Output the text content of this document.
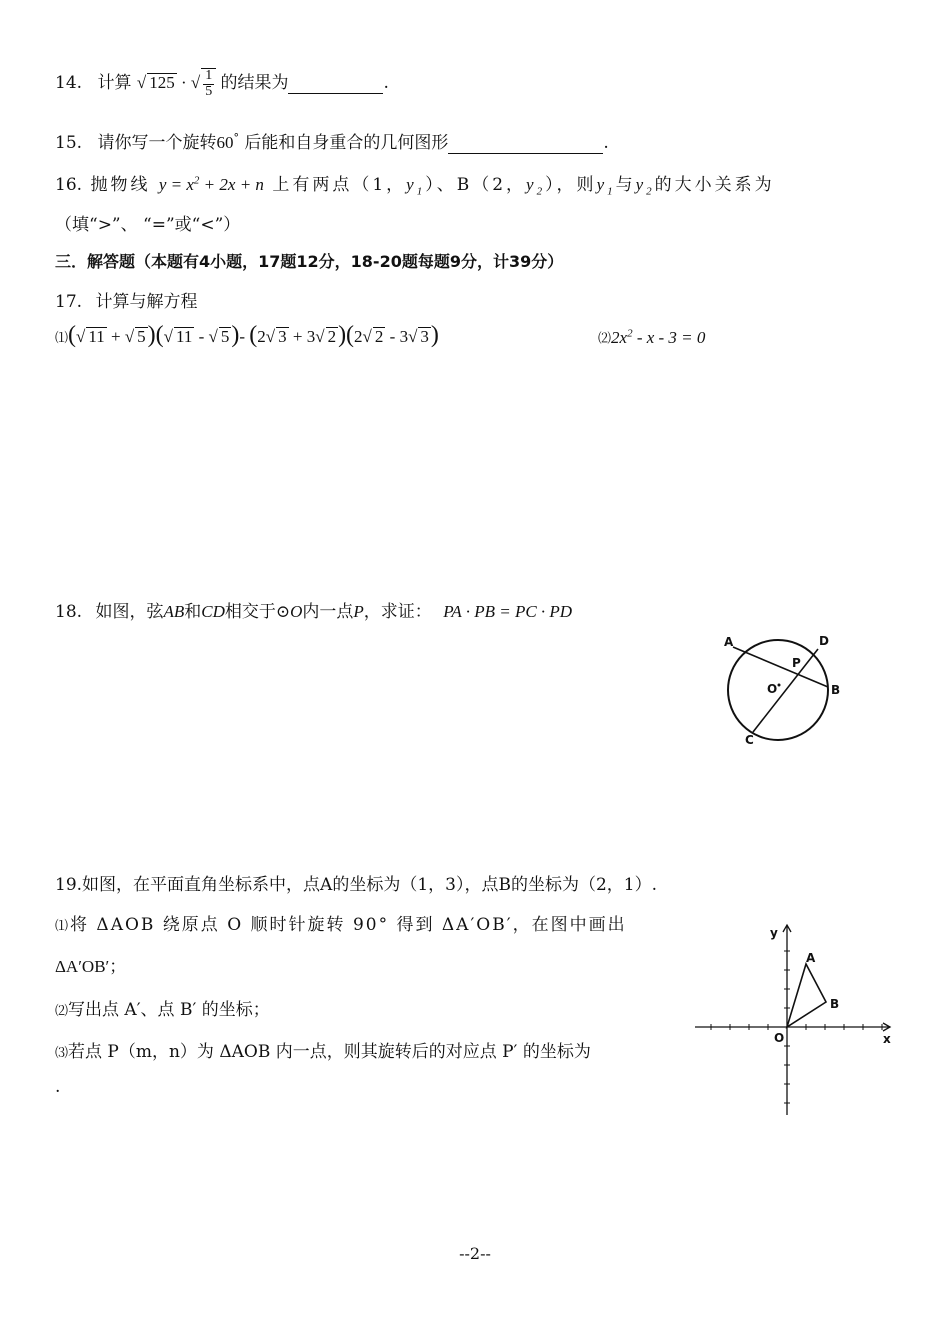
14. 计算 √ 125 · √ $\frac{1}{5}$ 的结果为	.
15. 请你写一个旋转60° 后能和自身重合的几何图形	.
16. 抛物线 $y = x^2 + 2x + n$ 上有两点（1，$y_1$）、B（2，$y_2$），则$y_1$与$y_2$的大小关系为
（填“>”、 “=”或“<”）
三．解答题（本题有4小题，17题12分，18-20题每题9分，计39分）
17. 计算与解方程
⑴(√ 11 + √ 5)(√ 11 - √ 5)- (2√ 3 + 3√ 2)(2√ 2 - 3√ 3)	$⑵2x^2 - x - 3 = 0$
18. 如图，弦AB和CD相交于⊙O内一点P，求证： PA · PB = PC · PD
A	D
P
O	B
C
19.如图，在平面直角坐标系中，点A的坐标为（1，3），点B的坐标为（2，1）.
⑴将 ΔAOB 绕原点 O 顺时针旋转 90° 得到 ΔA′OB′，在图中画出
ΔA′OB′；
⑵写出点 A′、点 B′ 的坐标；
⑶若点 P（m，n）为 ΔAOB 内一点，则其旋转后的对应点 P′ 的坐标为
.
y
x
O
A
B
--2--
